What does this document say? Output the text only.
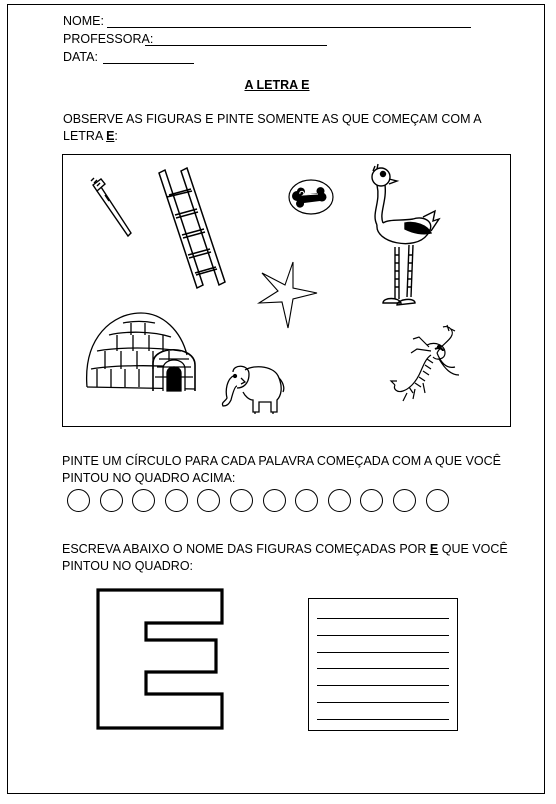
NOME:
PROFESSORA:
DATA:
A LETRA E
OBSERVE AS FIGURAS E PINTE SOMENTE AS QUE COMEÇAM COM A
LETRA E:
PINTE UM CÍRCULO PARA CADA PALAVRA COMEÇADA COM A QUE VOCÊ
PINTOU NO QUADRO ACIMA:
ESCREVA ABAIXO O NOME DAS FIGURAS COMEÇADAS POR E QUE VOCÊ
PINTOU NO QUADRO:
